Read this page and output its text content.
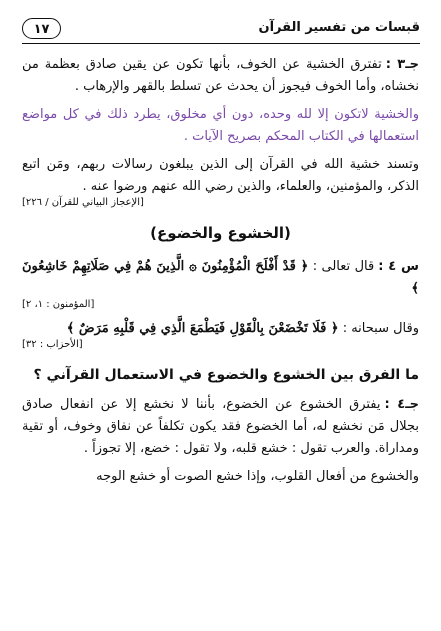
قبسات من تفسير القرآن
١٧

جـ٣ :تفترق الخشية عن الخوف، بأنها تكون عن يقين صادق بعظمة من نخشاه، وأما الخوف فيجوز أن يحدث عن تسلط بالقهر والإرهاب .

والخشية لاتكون إلا لله وحده، دون أي مخلوق، يطرد ذلك في كل مواضع استعمالها في الكتاب المحكم بصريح الآيات .

وتسند خشية الله في القرآن إلى الذين يبلغون رسالات ربهم، ومَن اتبع الذكر، والمؤمنين، والعلماء، والذين رضي الله عنهم ورضوا عنه .

[الإعجاز البياني للقرآن / ٢٢٦]
(الخشوع والخضوع)

س ٤ :قال تعالى : ﴿ قَدْ أَفْلَحَ الْمُؤْمِنُونَ ۞ الَّذِينَ هُمْ فِي صَلَاتِهِمْ خَاشِعُونَ ﴾

[المؤمنون : ١، ٢]

وقال سبحانه : ﴿ فَلَا تَخْضَعْنَ بِالْقَوْلِ فَيَطْمَعَ الَّذِي فِي قَلْبِهِ مَرَضٌ ﴾

[الأحزاب : ٣٢]
ما الفرق بين الخشوع والخضوع في الاستعمال القرآني ؟

جـ٤ :يفترق الخشوع عن الخضوع، بأننا لا نخشع إلا عن انفعال صادق بجلال مَن نخشع له، أما الخضوع فقد يكون تكلفاً عن نفاق وخوف، أو تقية ومداراة. والعرب تقول : خشع قلبه، ولا تقول : خضع، إلا تجوزاً .

والخشوع من أفعال القلوب، وإذا خشع الصوت أو خشع الوجه
